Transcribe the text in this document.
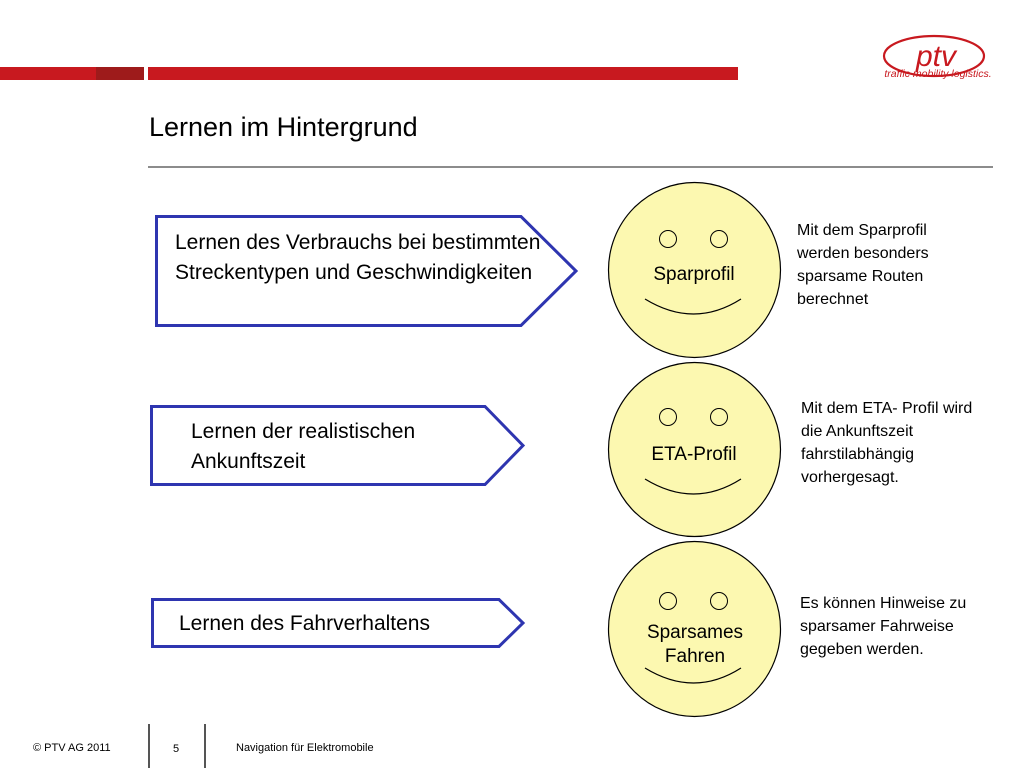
ptv
traffic mobility logistics.
Lernen im Hintergrund
Lernen des Verbrauchs bei bestimmten Streckentypen und Geschwindigkeiten	Sparprofil
Mit dem Sparprofil werden besonders sparsame Routen berechnet
Lernen der realistischen Ankunftszeit	ETA-Profil
Mit dem ETA- Profil wird die Ankunftszeit fahrstilabhängig vorhergesagt.
Lernen des Fahrverhaltens	Sparsames Fahren
Es können Hinweise zu sparsamer Fahrweise gegeben werden.
© PTV AG 2011	5	Navigation für Elektromobile
